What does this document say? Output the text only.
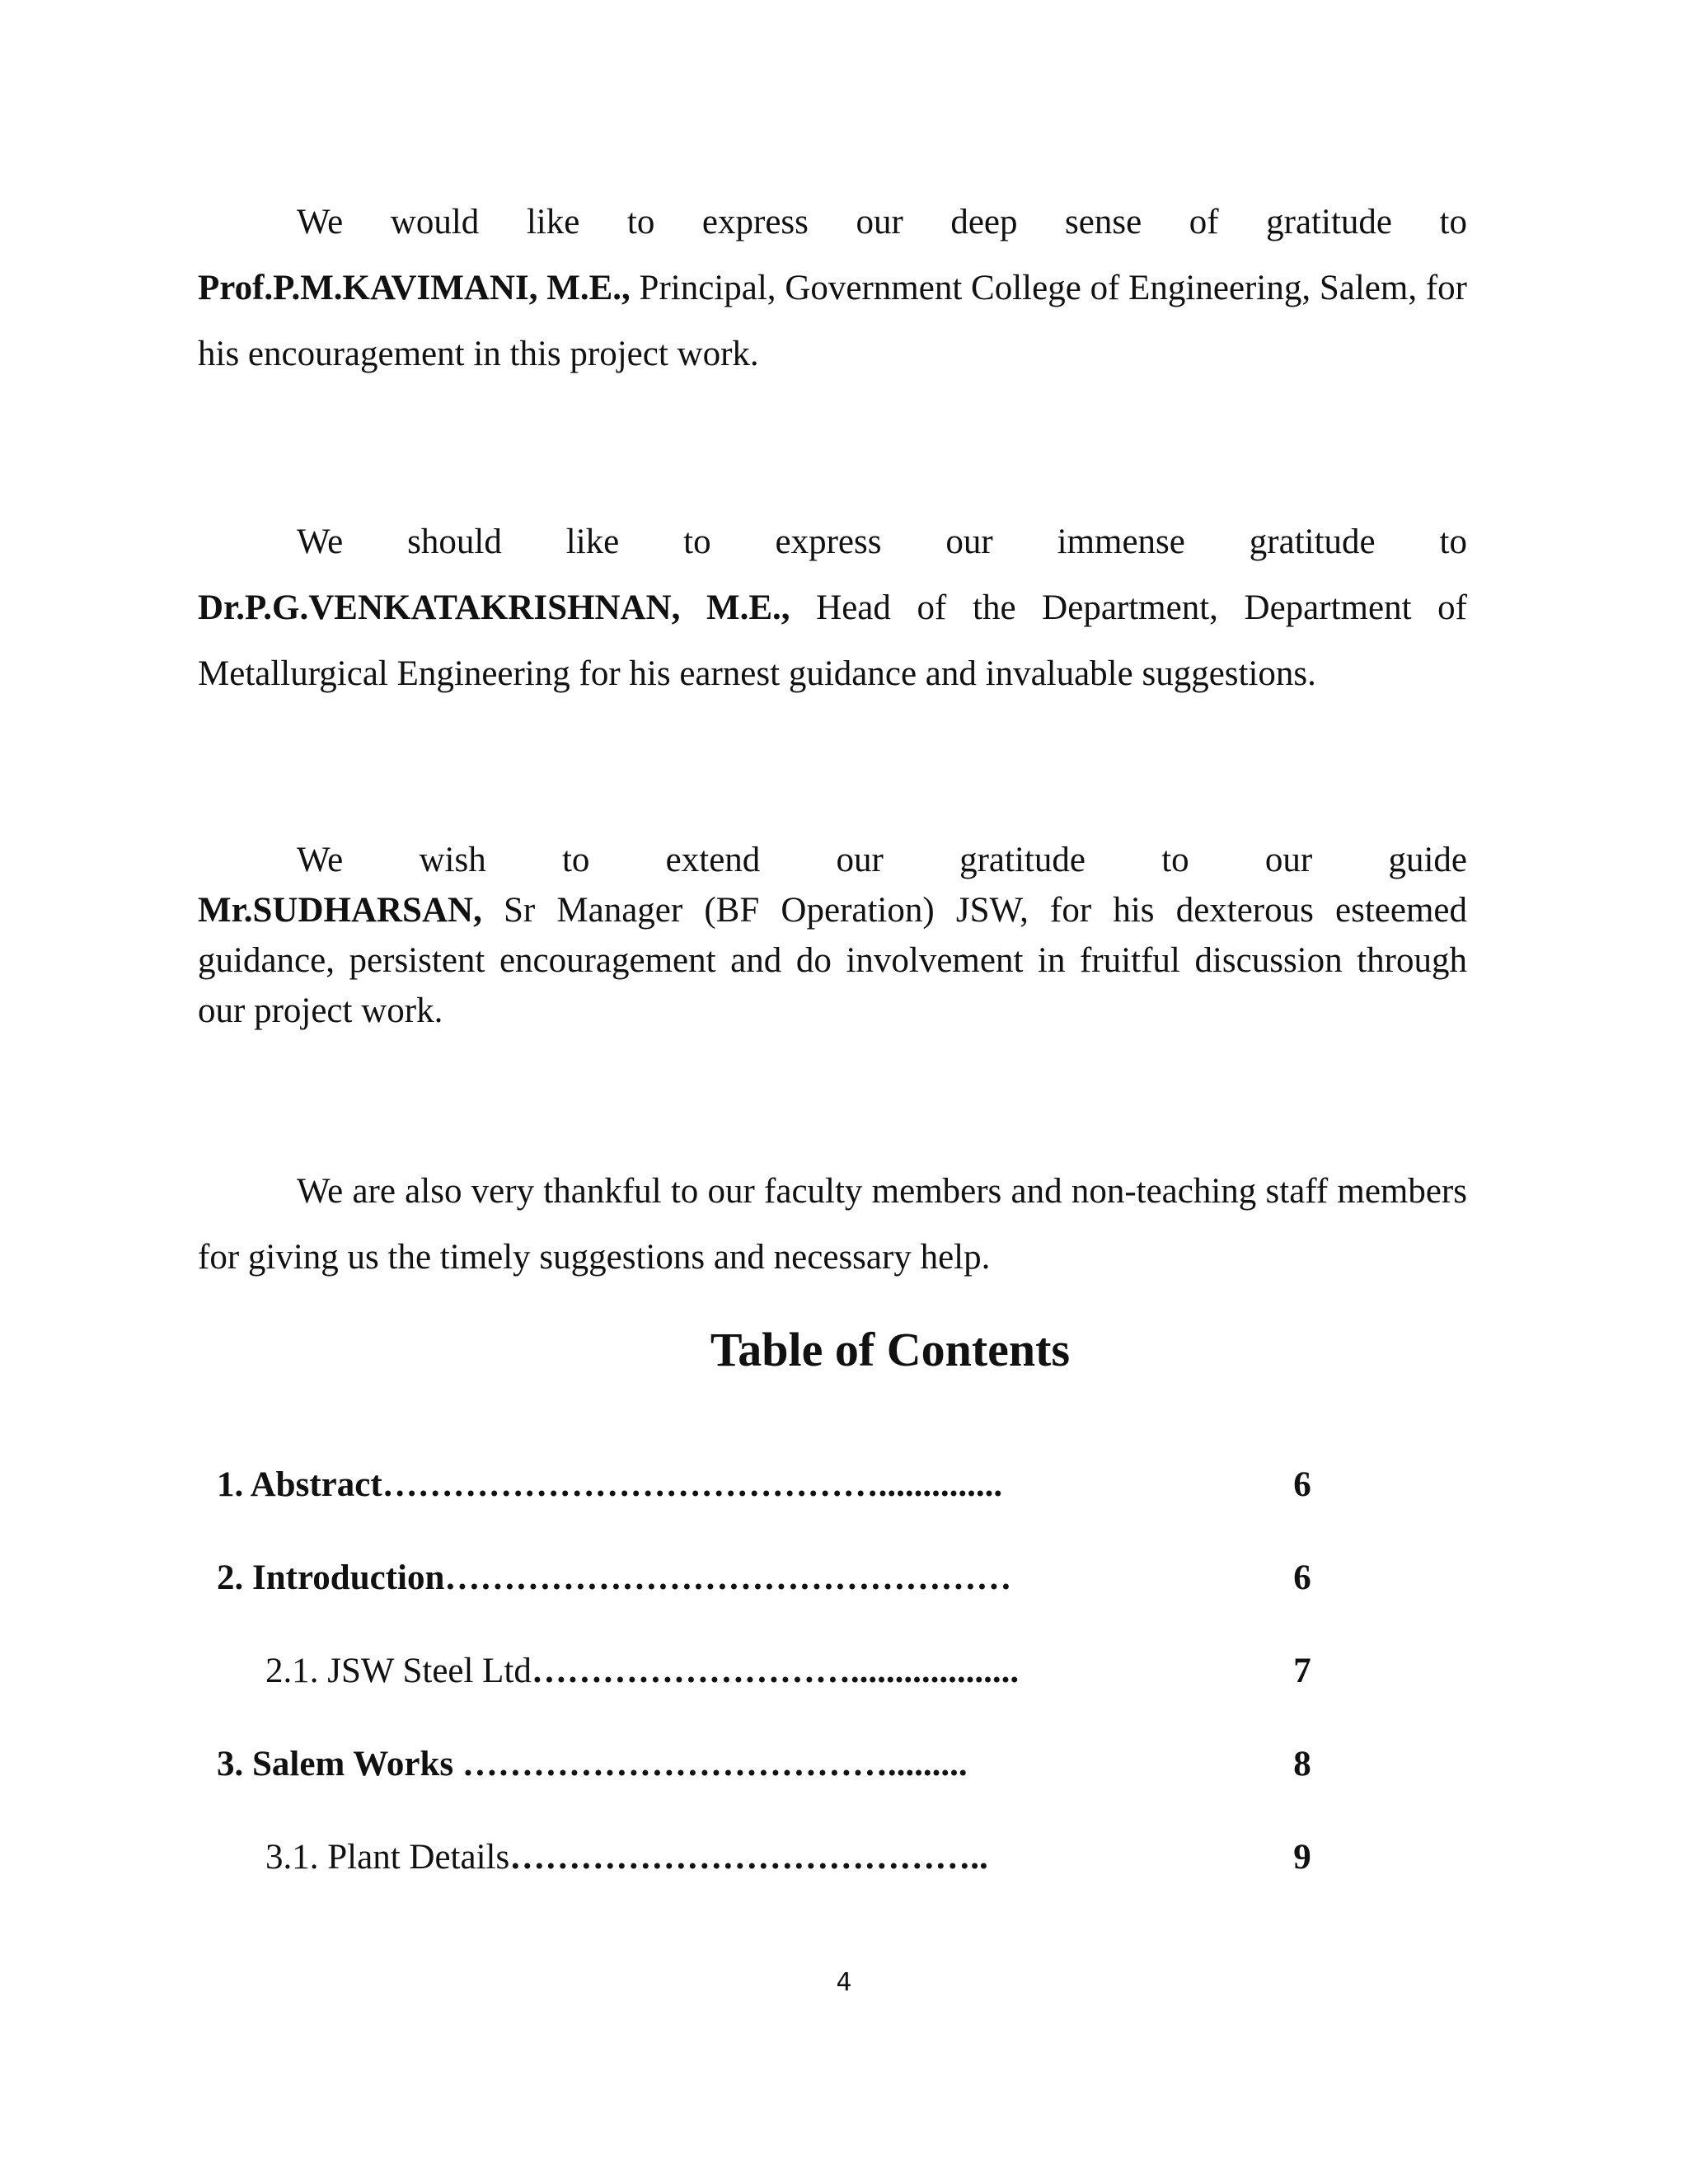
We would like to express our deep sense of gratitude to
Prof.P.M.KAVIMANI, M.E., Principal, Government College of Engineering, Salem, for his encouragement in this project work.
We should like to express our immense gratitude to
Dr.P.G.VENKATAKRISHNAN, M.E., Head of the Department, Department of Metallurgical Engineering for his earnest guidance and invaluable suggestions.
We wish to extend our gratitude to our guide
Mr.SUDHARSAN, Sr Manager (BF Operation) JSW, for his dexterous esteemed guidance, persistent encouragement and do involvement in fruitful discussion through our project work.
We are also very thankful to our faculty members and non-teaching staff members for giving us the timely suggestions and necessary help.
Table of Contents
1. Abstract……………………………………..............	6
2. Introduction…………………………………………	6
2.1. JSW Steel Ltd………………………...................	7
3. Salem Works ……………………………….........	8
3.1. Plant Details…………………………………..	9
4
